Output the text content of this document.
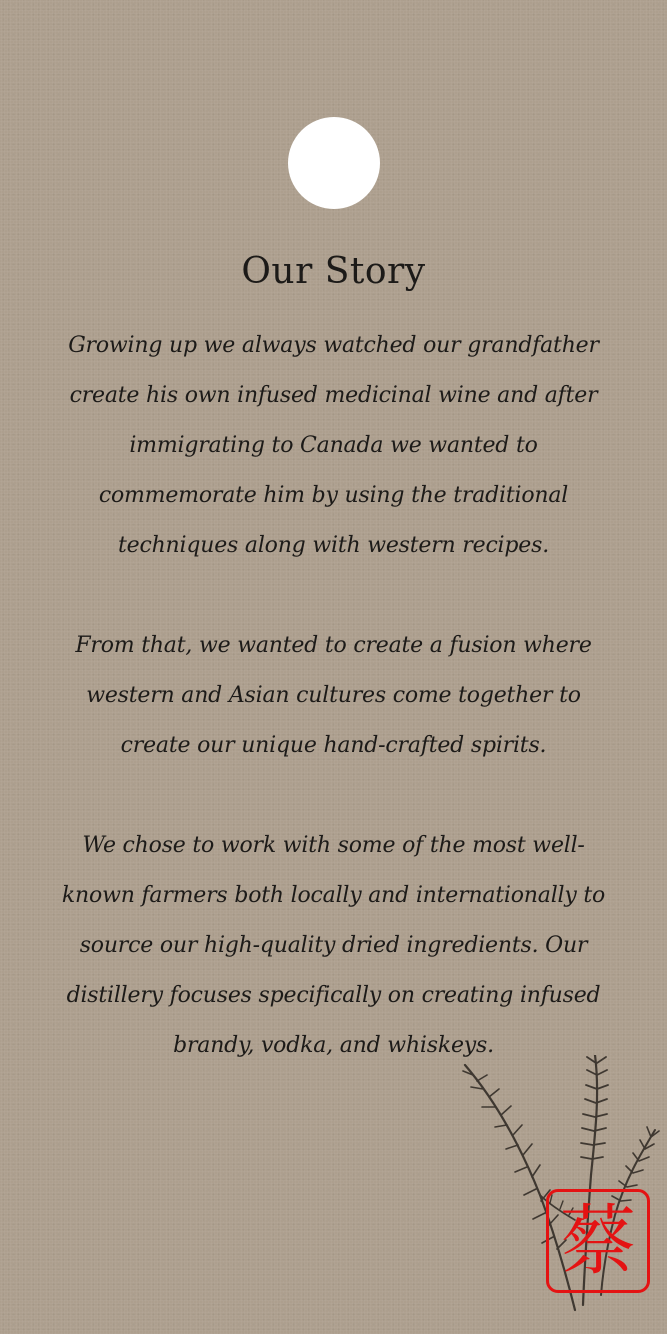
Our Story

Growing up we always watched our grandfather create his own infused medicinal wine and after immigrating to Canada we wanted to commemorate him by using the traditional techniques along with western recipes.

From that, we wanted to create a fusion where western and Asian cultures come together to create our unique hand-crafted spirits.

We chose to work with some of the most well-known farmers both locally and internationally to source our high-quality dried ingredients. Our distillery focuses specifically on creating infused brandy, vodka, and whiskeys.

蔡
